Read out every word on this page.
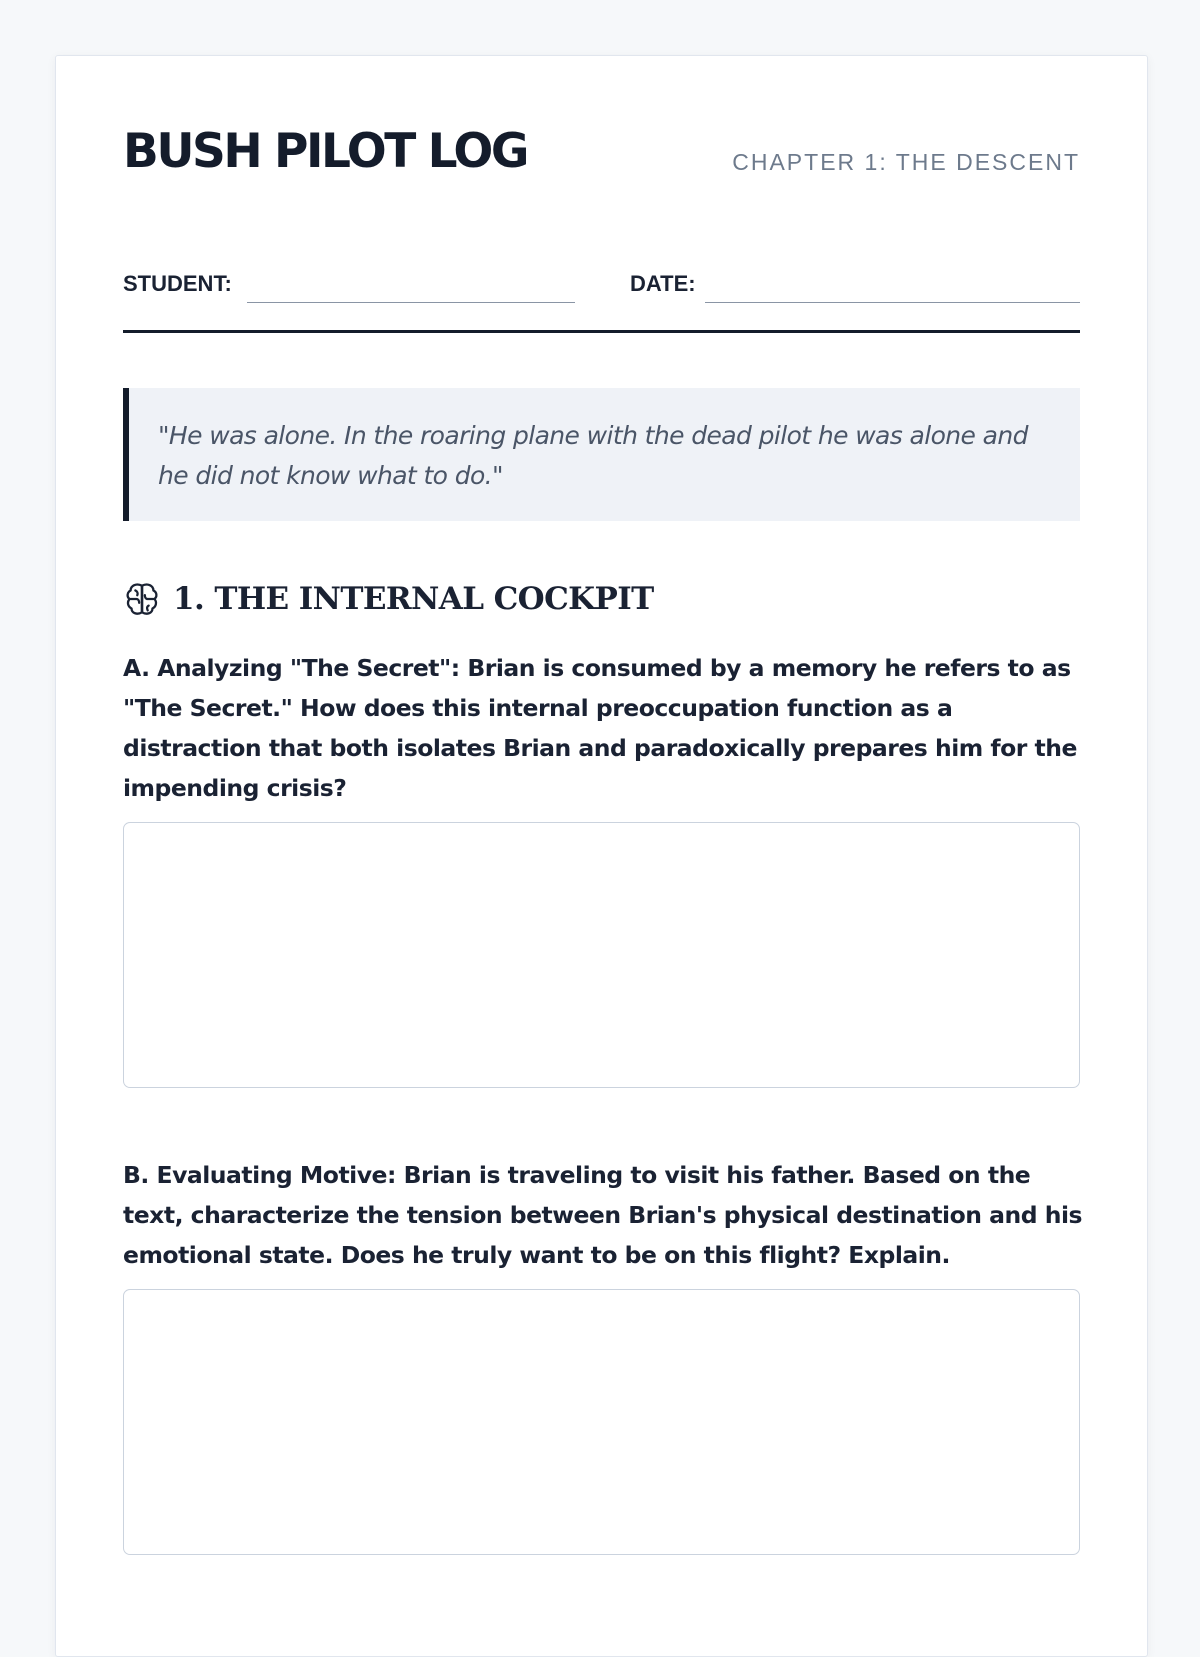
BUSH PILOT LOG	CHAPTER 1: THE DESCENT
STUDENT:	DATE:
"He was alone. In the roaring plane with the dead pilot he was alone and he did not know what to do."
1. THE INTERNAL COCKPIT
A. Analyzing "The Secret": Brian is consumed by a memory he refers to as "The Secret." How does this internal preoccupation function as a distraction that both isolates Brian and paradoxically prepares him for the impending crisis?
B. Evaluating Motive: Brian is traveling to visit his father. Based on the text, characterize the tension between Brian's physical destination and his emotional state. Does he truly want to be on this flight? Explain.
